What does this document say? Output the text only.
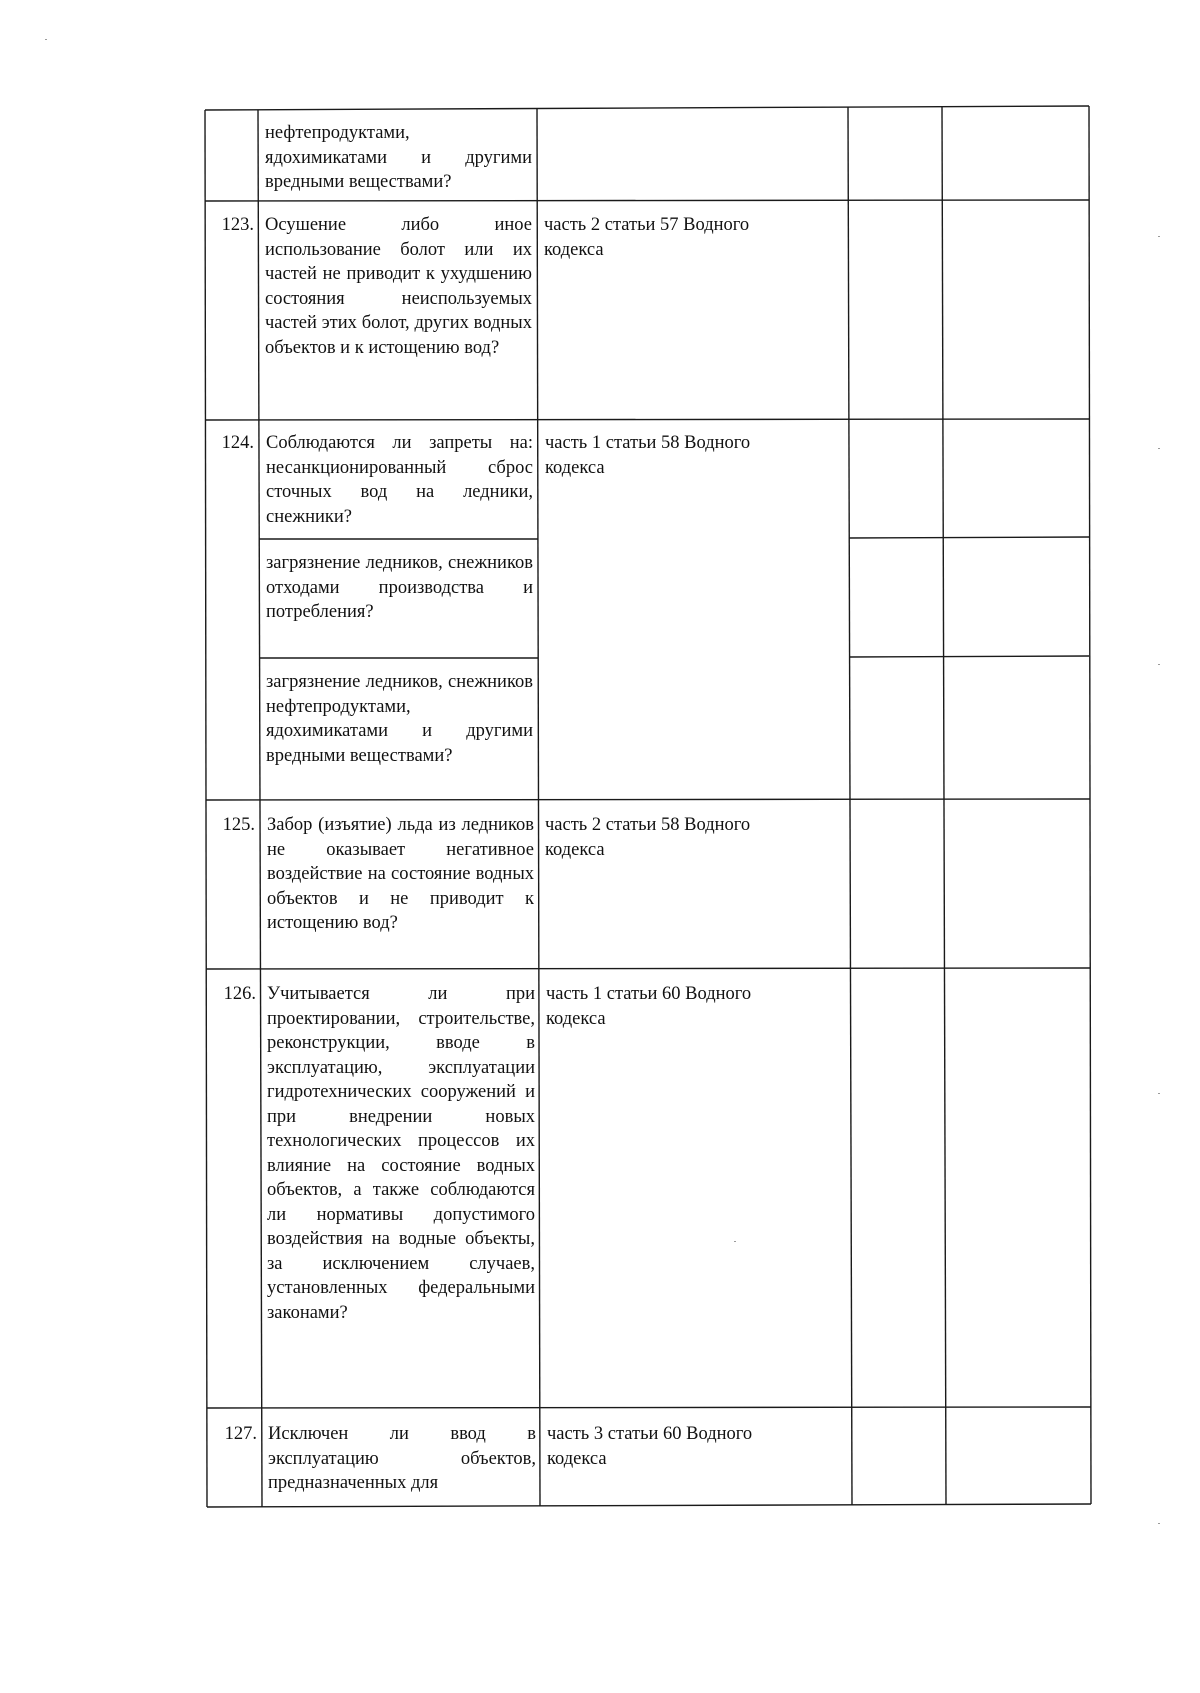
нефтепродуктами, ядохимикатами и другими вредными веществами?
123. Осушение либо иное использование болот или их частей не приводит к ухудшению состояния неиспользуемых частей этих болот, других водных объектов и к истощению вод?
часть 2 статьи 57 Водного кодекса
124. Соблюдаются ли запреты на: несанкционированный сброс сточных вод на ледники, снежники?
загрязнение ледников, снежников отходами производства и потребления?
загрязнение ледников, снежников нефтепродуктами, ядохимикатами и другими вредными веществами?
часть 1 статьи 58 Водного кодекса
125. Забор (изъятие) льда из ледников не оказывает негативное воздействие на состояние водных объектов и не приводит к истощению вод?
часть 2 статьи 58 Водного кодекса
126. Учитывается ли при проектировании, строительстве, реконструкции, вводе в эксплуатацию, эксплуатации гидротехнических сооружений и при внедрении новых технологических процессов их влияние на состояние водных объектов, а также соблюдаются ли нормативы допустимого воздействия на водные объекты, за исключением случаев, установленных федеральными законами?
часть 1 статьи 60 Водного кодекса
127. Исключен ли ввод в эксплуатацию объектов, предназначенных для
часть 3 статьи 60 Водного кодекса
